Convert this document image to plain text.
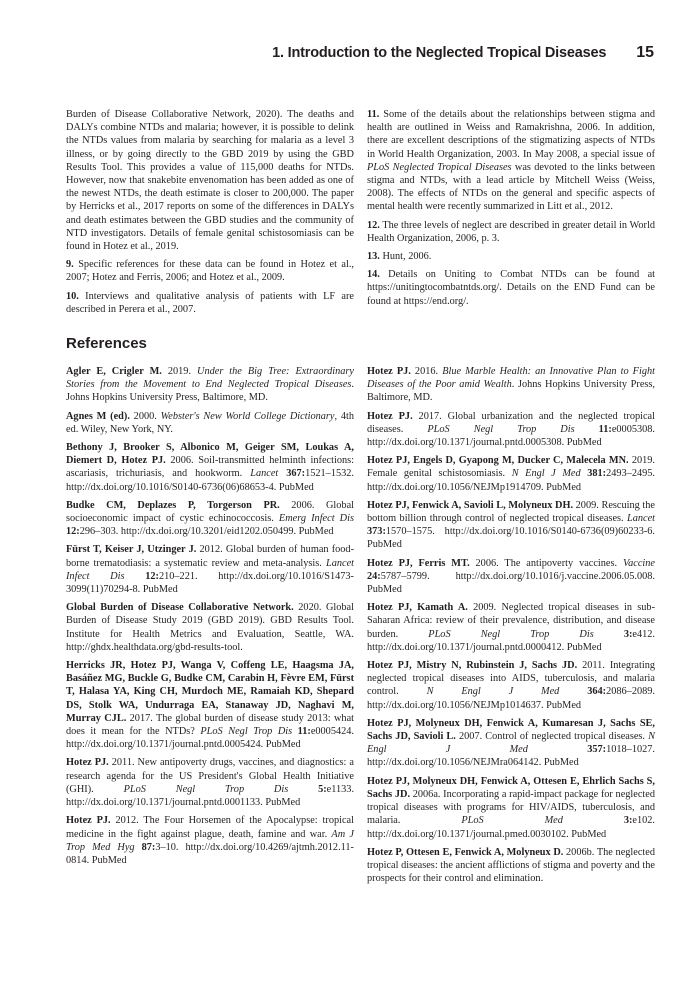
1. Introduction to the Neglected Tropical Diseases 15

Burden of Disease Collaborative Network, 2020). The deaths and DALYs combine NTDs and malaria; however, it is possible to delink the NTDs values from malaria by searching for malaria as a level 3 illness, or by going directly to the GBD 2019 by using the GBD Results Tool. This provides a value of 115,000 deaths for NTDs. However, now that snakebite envenomation has been added as one of the newest NTDs, the death estimate is closer to 200,000. The paper by Herricks et al., 2017 reports on some of the differences in DALYs and death estimates between the GBD studies and the community of NTD investigators. Details of female genital schistosomiasis can be found in Hotez et al., 2019.

9. Specific references for these data can be found in Hotez et al., 2007; Hotez and Ferris, 2006; and Hotez et al., 2009.

10. Interviews and qualitative analysis of patients with LF are described in Perera et al., 2007.

11. Some of the details about the relationships between stigma and health are outlined in Weiss and Ramakrishna, 2006. In addition, there are excellent descriptions of the stigmatizing aspects of NTDs in World Health Organization, 2003. In May 2008, a special issue of PLoS Neglected Tropical Diseases was devoted to the links between stigma and NTDs, with a lead article by Mitchell Weiss (Weiss, 2008). The effects of NTDs on the general and specific aspects of mental health were recently summarized in Litt et al., 2012.

12. The three levels of neglect are described in greater detail in World Health Organization, 2006, p. 3.

13. Hunt, 2006.

14. Details on Uniting to Combat NTDs can be found at https://unitingtocombatntds.org/. Details on the END Fund can be found at https://end.org/.

References

Agler E, Crigler M. 2019. Under the Big Tree: Extraordinary Stories from the Movement to End Neglected Tropical Diseases. Johns Hopkins University Press, Baltimore, MD.

Agnes M (ed). 2000. Webster's New World College Dictionary, 4th ed. Wiley, New York, NY.

Bethony J, Brooker S, Albonico M, Geiger SM, Loukas A, Diemert D, Hotez PJ. 2006. Soil-transmitted helminth infections: ascariasis, trichuriasis, and hookworm. Lancet 367:1521–1532. http://dx.doi.org/10.1016/S0140-6736(06)68653-4. PubMed

Budke CM, Deplazes P, Torgerson PR. 2006. Global socioeconomic impact of cystic echinococcosis. Emerg Infect Dis 12:296–303. http://dx.doi.org/10.3201/eid1202.050499. PubMed

Fürst T, Keiser J, Utzinger J. 2012. Global burden of human food-borne trematodiasis: a systematic review and meta-analysis. Lancet Infect Dis 12:210–221. http://dx.doi.org/10.1016/S1473-3099(11)70294-8. PubMed

Global Burden of Disease Collaborative Network. 2020. Global Burden of Disease Study 2019 (GBD 2019). GBD Results Tool. Institute for Health Metrics and Evaluation, Seattle, WA. http://ghdx.healthdata.org/gbd-results-tool.

Herricks JR, Hotez PJ, Wanga V, Coffeng LE, Haagsma JA, Basáñez MG, Buckle G, Budke CM, Carabin H, Fèvre EM, Fürst T, Halasa YA, King CH, Murdoch ME, Ramaiah KD, Shepard DS, Stolk WA, Undurraga EA, Stanaway JD, Naghavi M, Murray CJL. 2017. The global burden of disease study 2013: what does it mean for the NTDs? PLoS Negl Trop Dis 11:e0005424. http://dx.doi.org/10.1371/journal.pntd.0005424. PubMed

Hotez PJ. 2011. New antipoverty drugs, vaccines, and diagnostics: a research agenda for the US President's Global Health Initiative (GHI). PLoS Negl Trop Dis 5:e1133. http://dx.doi.org/10.1371/journal.pntd.0001133. PubMed

Hotez PJ. 2012. The Four Horsemen of the Apocalypse: tropical medicine in the fight against plague, death, famine and war. Am J Trop Med Hyg 87:3–10. http://dx.doi.org/10.4269/ajtmh.2012.11-0814. PubMed

Hotez PJ. 2016. Blue Marble Health: an Innovative Plan to Fight Diseases of the Poor amid Wealth. Johns Hopkins University Press, Baltimore, MD.

Hotez PJ. 2017. Global urbanization and the neglected tropical diseases. PLoS Negl Trop Dis 11:e0005308. http://dx.doi.org/10.1371/journal.pntd.0005308. PubMed

Hotez PJ, Engels D, Gyapong M, Ducker C, Malecela MN. 2019. Female genital schistosomiasis. N Engl J Med 381:2493–2495. http://dx.doi.org/10.1056/NEJMp1914709. PubMed

Hotez PJ, Fenwick A, Savioli L, Molyneux DH. 2009. Rescuing the bottom billion through control of neglected tropical diseases. Lancet 373:1570–1575. http://dx.doi.org/10.1016/S0140-6736(09)60233-6. PubMed

Hotez PJ, Ferris MT. 2006. The antipoverty vaccines. Vaccine 24:5787–5799. http://dx.doi.org/10.1016/j.vaccine.2006.05.008. PubMed

Hotez PJ, Kamath A. 2009. Neglected tropical diseases in sub-Saharan Africa: review of their prevalence, distribution, and disease burden. PLoS Negl Trop Dis 3:e412. http://dx.doi.org/10.1371/journal.pntd.0000412. PubMed

Hotez PJ, Mistry N, Rubinstein J, Sachs JD. 2011. Integrating neglected tropical diseases into AIDS, tuberculosis, and malaria control. N Engl J Med 364:2086–2089. http://dx.doi.org/10.1056/NEJMp1014637. PubMed

Hotez PJ, Molyneux DH, Fenwick A, Kumaresan J, Sachs SE, Sachs JD, Savioli L. 2007. Control of neglected tropical diseases. N Engl J Med 357:1018–1027. http://dx.doi.org/10.1056/NEJMra064142. PubMed

Hotez PJ, Molyneux DH, Fenwick A, Ottesen E, Ehrlich Sachs S, Sachs JD. 2006a. Incorporating a rapid-impact package for neglected tropical diseases with programs for HIV/AIDS, tuberculosis, and malaria. PLoS Med 3:e102. http://dx.doi.org/10.1371/journal.pmed.0030102. PubMed

Hotez P, Ottesen E, Fenwick A, Molyneux D. 2006b. The neglected tropical diseases: the ancient afflictions of stigma and poverty and the prospects for their control and elimination.
